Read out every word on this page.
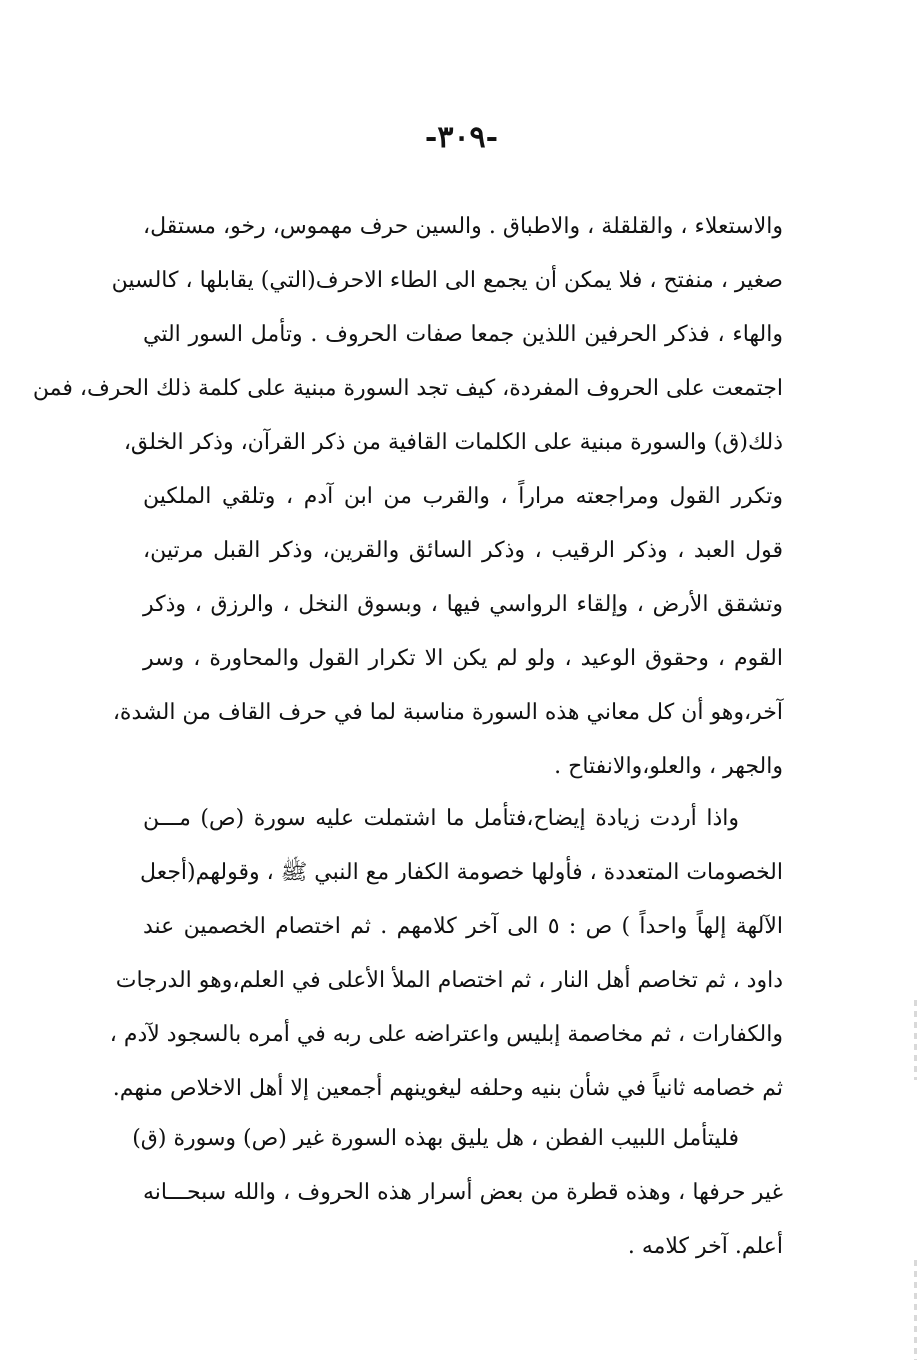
-٣٠٩-
والاستعلاء ، والقلقلة ، والاطباق . والسين حرف مهموس، رخو، مستقل،
صغير ، منفتح ، فلا يمكن أن يجمع الى الطاء الاحرف(التي) يقابلها ، كالسين
والهاء ، فذكر الحرفين اللذين جمعا صفات الحروف . وتأمل السور التي
اجتمعت على الحروف المفردة، كيف تجد السورة مبنية على كلمة ذلك الحرف، فمن
ذلك(ق) والسورة مبنية على الكلمات القافية من ذكر القرآن، وذكر الخلق،
وتكرر القول ومراجعته مراراً ، والقرب من ابن آدم ، وتلقي الملكين
قول العبد ، وذكر الرقيب ، وذكر السائق والقرين، وذكر القبل مرتين،
وتشقق الأرض ، وإلقاء الرواسي فيها ، وبسوق النخل ، والرزق ، وذكر
القوم ، وحقوق الوعيد ، ولو لم يكن الا تكرار القول والمحاورة ، وسر
آخر،وهو أن كل معاني هذه السورة مناسبة لما في حرف القاف من الشدة،
والجهر ، والعلو،والانفتاح .
واذا أردت زيادة إيضاح،فتأمل ما اشتملت عليه سورة (ص) مـــن
الخصومات المتعددة ، فأولها خصومة الكفار مع النبي ﷺ ، وقولهم(أجعل
الآلهة إلهاً واحداً ) ص : ٥ الى آخر كلامهم . ثم اختصام الخصمين عند
داود ، ثم تخاصم أهل النار ، ثم اختصام الملأ الأعلى في العلم،وهو الدرجات
والكفارات ، ثم مخاصمة إبليس واعتراضه على ربه في أمره بالسجود لآدم ،
ثم خصامه ثانياً في شأن بنيه وحلفه ليغوينهم أجمعين إلا أهل الاخلاص منهم.
فليتأمل اللبيب الفطن ، هل يليق بهذه السورة غير (ص) وسورة (ق)
غير حرفها ، وهذه قطرة من بعض أسرار هذه الحروف ، والله سبحـــانه
أعلم. آخر كلامه .
